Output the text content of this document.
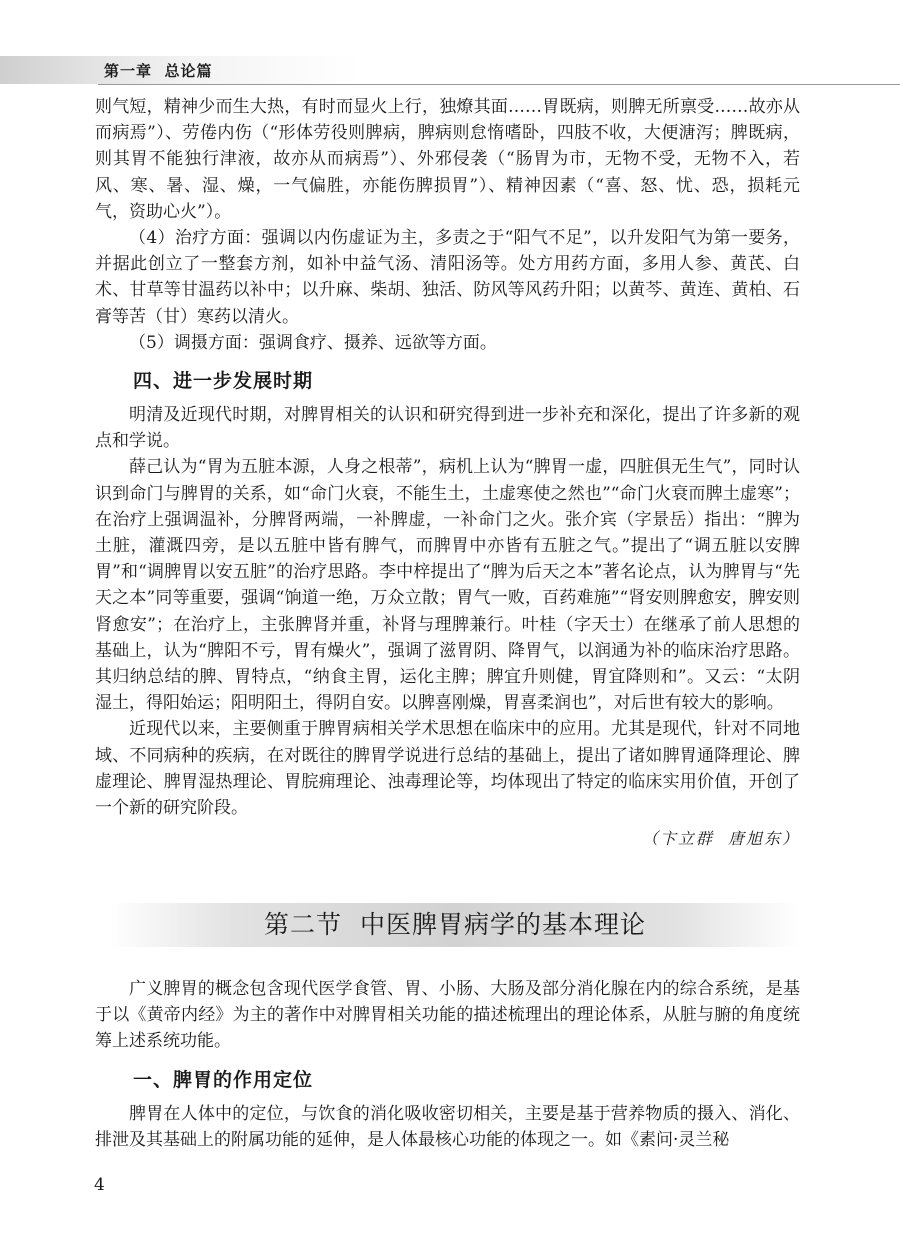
第一章  总论篇

则气短，精神少而生大热，有时而显火上行，独燎其面……胃既病，则脾无所禀受……故亦从而病焉”）、劳倦内伤（“形体劳役则脾病，脾病则怠惰嗜卧，四肢不收，大便溏泻；脾既病，则其胃不能独行津液，故亦从而病焉”）、外邪侵袭（“肠胃为市，无物不受，无物不入，若风、寒、暑、湿、燥，一气偏胜，亦能伤脾损胃”）、精神因素（“喜、怒、忧、恐，损耗元气，资助心火”）。

（4）治疗方面：强调以内伤虚证为主，多责之于“阳气不足”，以升发阳气为第一要务，并据此创立了一整套方剂，如补中益气汤、清阳汤等。处方用药方面，多用人参、黄芪、白术、甘草等甘温药以补中；以升麻、柴胡、独活、防风等风药升阳；以黄芩、黄连、黄柏、石膏等苦（甘）寒药以清火。

（5）调摄方面：强调食疗、摄养、远欲等方面。

四、进一步发展时期

明清及近现代时期，对脾胃相关的认识和研究得到进一步补充和深化，提出了许多新的观点和学说。

薛己认为“胃为五脏本源，人身之根蒂”，病机上认为“脾胃一虚，四脏俱无生气”，同时认识到命门与脾胃的关系，如“命门火衰，不能生土，土虚寒使之然也”“命门火衰而脾土虚寒”；在治疗上强调温补，分脾肾两端，一补脾虚，一补命门之火。张介宾（字景岳）指出：“脾为土脏，灌溉四旁，是以五脏中皆有脾气，而脾胃中亦皆有五脏之气。”提出了“调五脏以安脾胃”和“调脾胃以安五脏”的治疗思路。李中梓提出了“脾为后天之本”著名论点，认为脾胃与“先天之本”同等重要，强调“饷道一绝，万众立散；胃气一败，百药难施”“肾安则脾愈安，脾安则肾愈安”；在治疗上，主张脾肾并重，补肾与理脾兼行。叶桂（字天士）在继承了前人思想的基础上，认为“脾阳不亏，胃有燥火”，强调了滋胃阴、降胃气，以润通为补的临床治疗思路。其归纳总结的脾、胃特点，“纳食主胃，运化主脾；脾宜升则健，胃宜降则和”。又云：“太阴湿土，得阳始运；阳明阳土，得阴自安。以脾喜刚燥，胃喜柔润也”，对后世有较大的影响。

近现代以来，主要侧重于脾胃病相关学术思想在临床中的应用。尤其是现代，针对不同地域、不同病种的疾病，在对既往的脾胃学说进行总结的基础上，提出了诸如脾胃通降理论、脾虚理论、脾胃湿热理论、胃脘痈理论、浊毒理论等，均体现出了特定的临床实用价值，开创了一个新的研究阶段。

（卞立群  唐旭东）
第二节  中医脾胃病学的基本理论

广义脾胃的概念包含现代医学食管、胃、小肠、大肠及部分消化腺在内的综合系统，是基于以《黄帝内经》为主的著作中对脾胃相关功能的描述梳理出的理论体系，从脏与腑的角度统筹上述系统功能。

一、脾胃的作用定位

脾胃在人体中的定位，与饮食的消化吸收密切相关，主要是基于营养物质的摄入、消化、排泄及其基础上的附属功能的延伸，是人体最核心功能的体现之一。如《素问·灵兰秘

4
